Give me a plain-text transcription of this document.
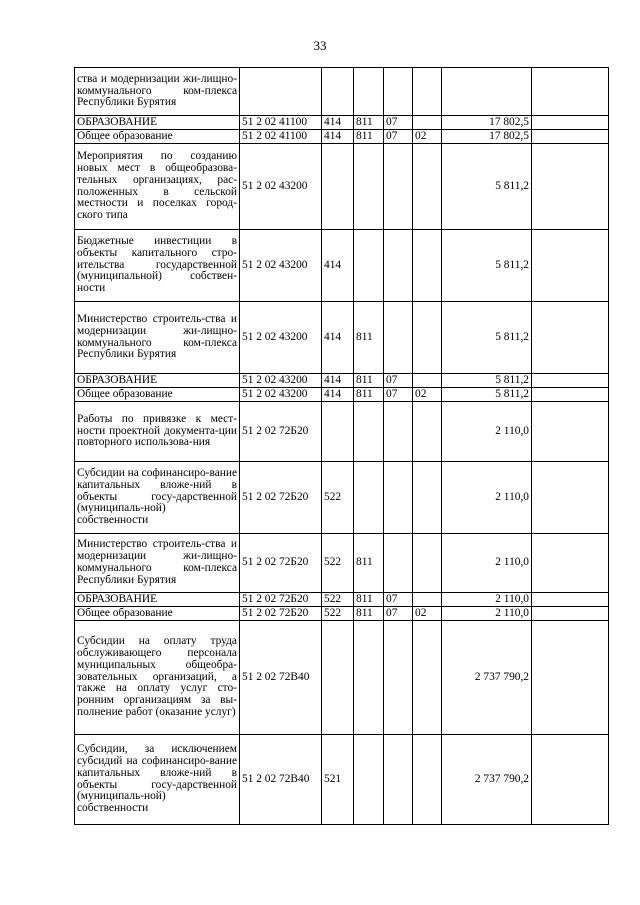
33
ства и модернизации жи-лищно-коммунального ком-плекса Республики Бурятия							
ОБРАЗОВАНИЕ	51 2 02 41100	414	811	07		17 802,5	
Общее образование	51 2 02 41100	414	811	07	02	17 802,5	
Мероприятия по созданию новых мест в общеобразова-тельных организациях, рас-положенных в сельской местности и поселках город-ского типа	51 2 02 43200					5 811,2	
Бюджетные инвестиции в объекты капитального стро-ительства государственной (муниципальной) собствен-ности	51 2 02 43200	414				5 811,2	
Министерство строитель-ства и модернизации жи-лищно-коммунального ком-плекса Республики Бурятия	51 2 02 43200	414	811			5 811,2	
ОБРАЗОВАНИЕ	51 2 02 43200	414	811	07		5 811,2	
Общее образование	51 2 02 43200	414	811	07	02	5 811,2	
Работы по привязке к мест-ности проектной документа-ции повторного использова-ния	51 2 02 72Б20					2 110,0	
Субсидии на софинансиро-вание капитальных вложе-ний в объекты госу-дарственной (муниципаль-ной) собственности	51 2 02 72Б20	522				2 110,0	
Министерство строитель-ства и модернизации жи-лищно-коммунального ком-плекса Республики Бурятия	51 2 02 72Б20	522	811			2 110,0	
ОБРАЗОВАНИЕ	51 2 02 72Б20	522	811	07		2 110,0	
Общее образование	51 2 02 72Б20	522	811	07	02	2 110,0	
Субсидии на оплату труда обслуживающего персонала муниципальных общеобра-зовательных организаций, а также на оплату услуг сто-ронним организациям за вы-полнение работ (оказание услуг)	51 2 02 72В40					2 737 790,2	
Субсидии, за исключением субсидий на софинансиро-вание капитальных вложе-ний в объекты госу-дарственной (муниципаль-ной) собственности	51 2 02 72В40	521				2 737 790,2	
